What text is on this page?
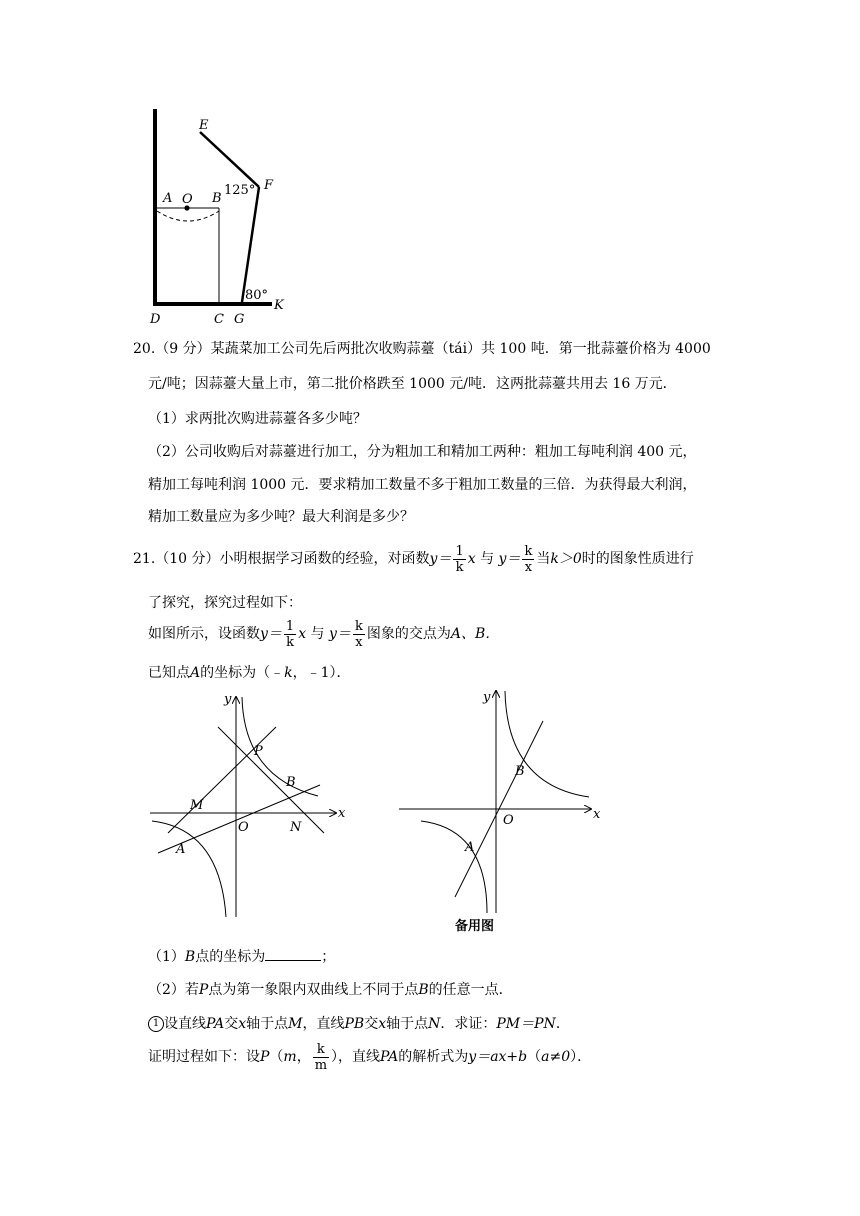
E
F
125°
A O B
80°
D	C G
K
20.（9 分）某蔬菜加工公司先后两批次收购蒜薹（tái）共 100 吨．第一批蒜薹价格为 4000
元/吨；因蒜薹大量上市，第二批价格跌至 1000 元/吨．这两批蒜薹共用去 16 万元．
（1）求两批次购进蒜薹各多少吨？
（2）公司收购后对蒜薹进行加工，分为粗加工和精加工两种：粗加工每吨利润 400 元，
精加工每吨利润 1000 元．要求精加工数量不多于粗加工数量的三倍．为获得最大利润，
精加工数量应为多少吨？最大利润是多少？
21.（10 分）小明根据学习函数的经验，对函数$y= \frac{1}{k}$ x 与 $y= \frac{k}{x}$ 当k＞0时的图象性质进行
了探究，探究过程如下：
如图所示，设函数$y= \frac{1}{k}$ x 与 $y= \frac{k}{x}$ 图象的交点为A、B．
已知点A的坐标为（﹣k，﹣1）．
y
x
O
P
B
M
N
A
y
x
O
B
A
备用图
（1）B点的坐标为	；
（2）若P点为第一象限内双曲线上不同于点B的任意一点．
1 设直线PA交x轴于点M，直线PB交x轴于点N．求证：PM＝PN．
证明过程如下：设P（m， $\frac{k}{m}$ ），直线PA的解析式为y＝ax+b（a≠0）．
